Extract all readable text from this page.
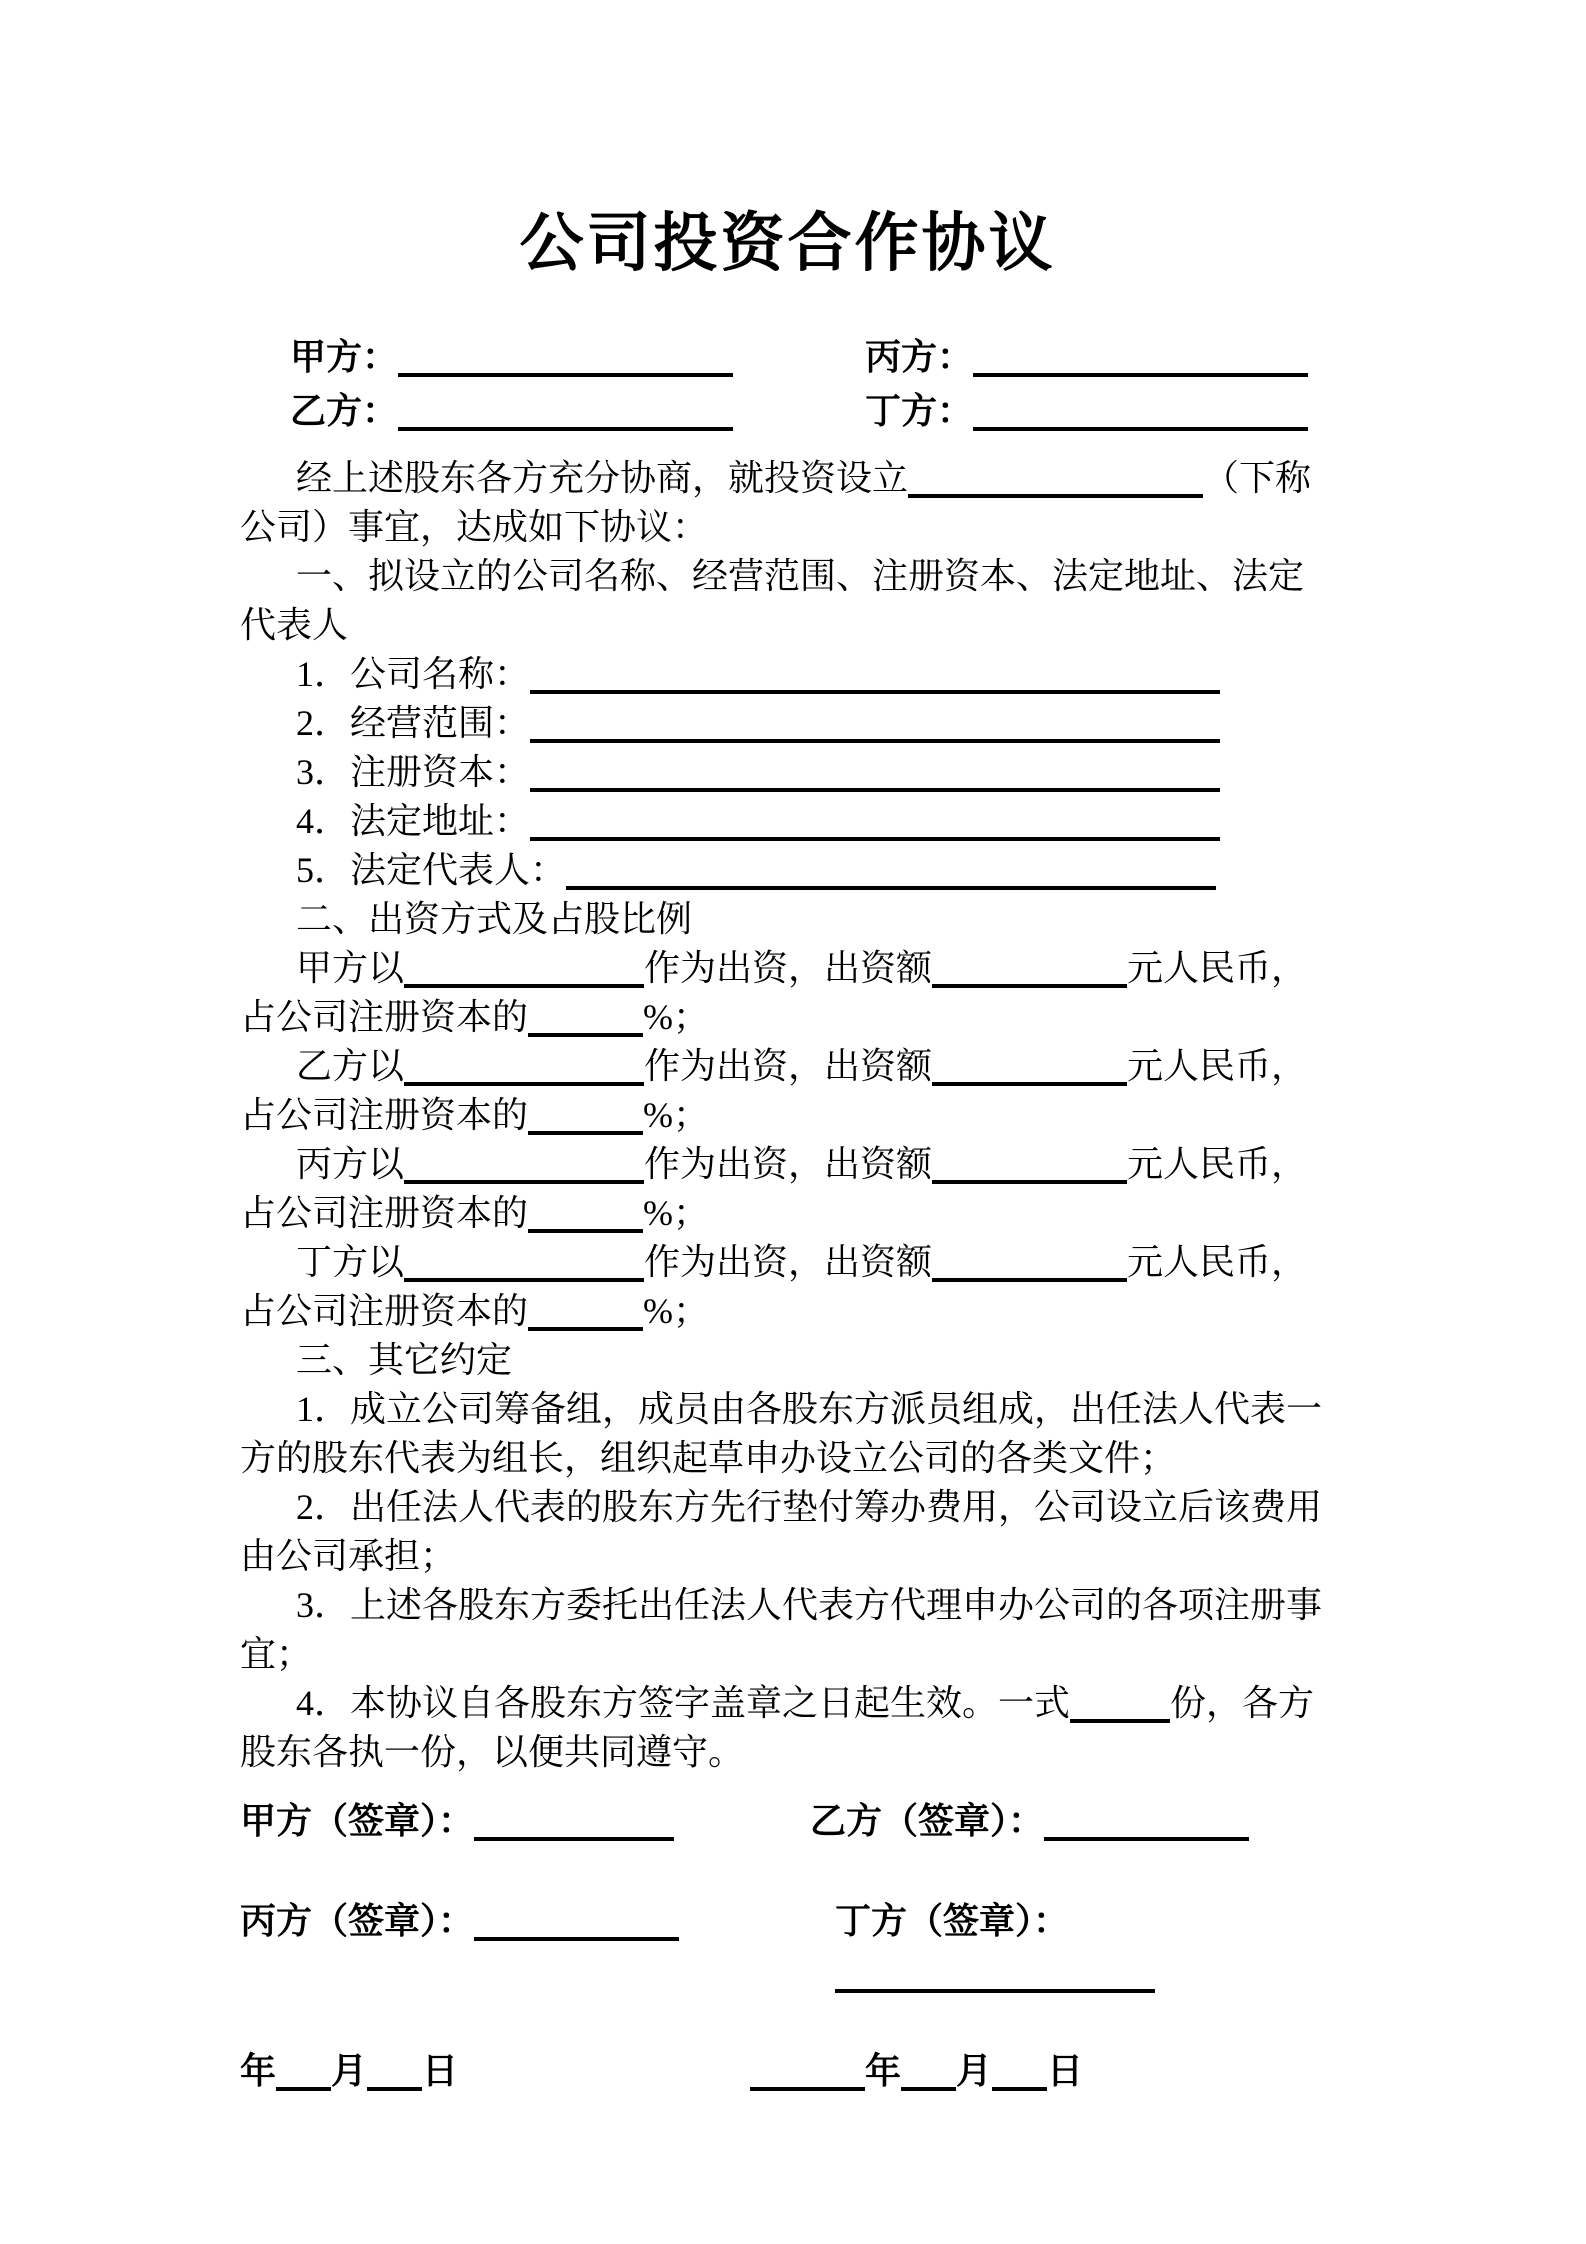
公司投资合作协议
甲方：	丙方：
乙方：	丁方：

经上述股东各方充分协商，就投资设立	（下称公司）事宜，达成如下协议：

一、拟设立的公司名称、经营范围、注册资本、法定地址、法定代表人

1．公司名称：

2．经营范围：

3．注册资本：

4．法定地址：

5．法定代表人：

二、出资方式及占股比例

甲方以	作为出资，出资额	元人民币，占公司注册资本的	%；

乙方以	作为出资，出资额	元人民币，占公司注册资本的	%；

丙方以	作为出资，出资额	元人民币，占公司注册资本的	%；

丁方以	作为出资，出资额	元人民币，占公司注册资本的	%；

三、其它约定

1．成立公司筹备组，成员由各股东方派员组成，出任法人代表一方的股东代表为组长，组织起草申办设立公司的各类文件；

2．出任法人代表的股东方先行垫付筹办费用，公司设立后该费用由公司承担；

3．上述各股东方委托出任法人代表方代理申办公司的各项注册事宜；

4．本协议自各股东方签字盖章之日起生效。一式	份，各方股东各执一份，以便共同遵守。

甲方（签章）：	乙方（签章）：
丙方（签章）：	丁方（签章）：
年 月 日	年 月 日
